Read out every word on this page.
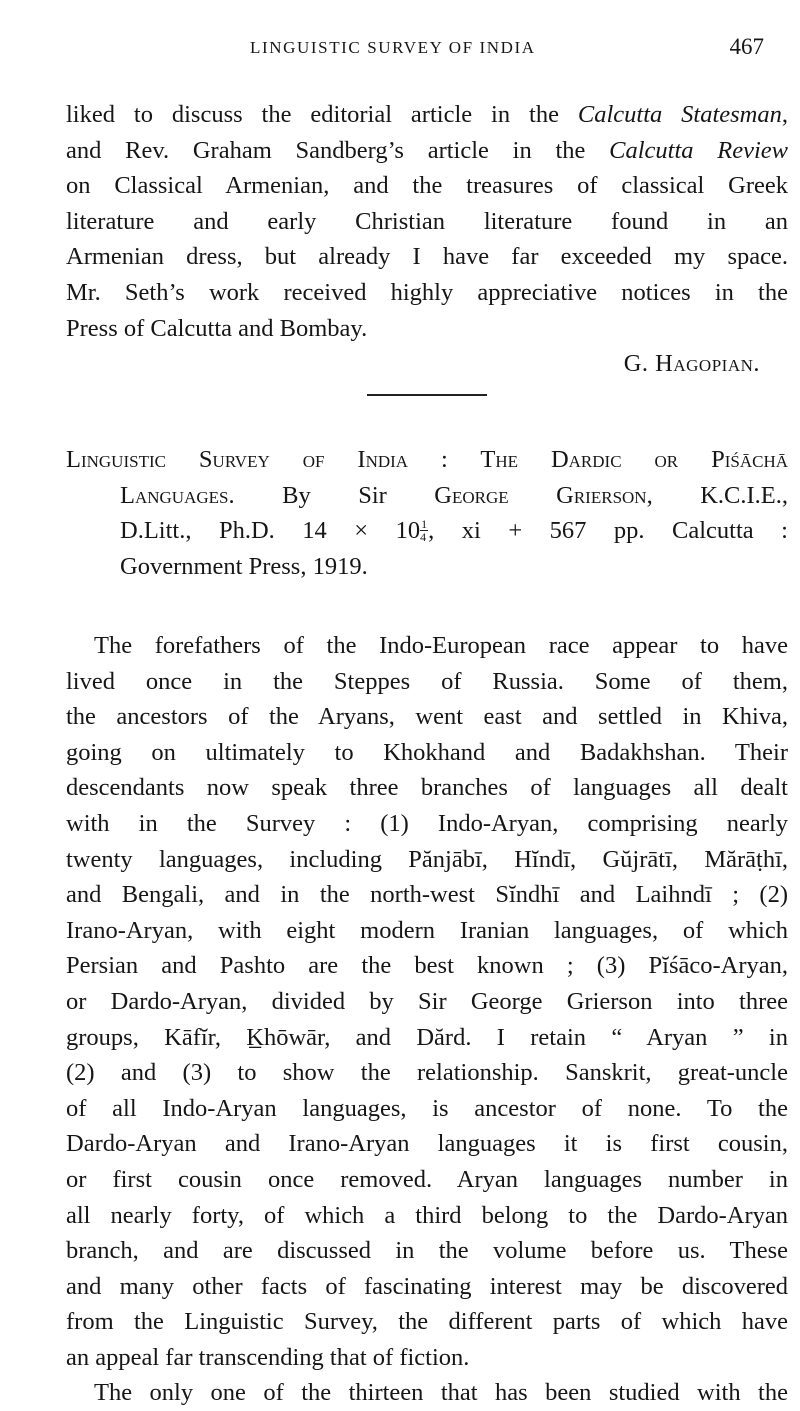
LINGUISTIC SURVEY OF INDIA	467
liked to discuss the editorial article in the Calcutta Statesman,
and Rev. Graham Sandberg’s article in the Calcutta Review
on Classical Armenian, and the treasures of classical Greek
literature and early Christian literature found in an
Armenian dress, but already I have far exceeded my space.
Mr. Seth’s work received highly appreciative notices in the
Press of Calcutta and Bombay.
G. Hagopian.
Linguistic Survey of India : The Dardic or Piśāchā
Languages. By Sir George Grierson, K.C.I.E.,
D.Litt., Ph.D. $14 \times 10 \frac{1}{4}$ , xi + 567 pp. Calcutta :
Government Press, 1919.
The forefathers of the Indo-European race appear to have
lived once in the Steppes of Russia. Some of them,
the ancestors of the Aryans, went east and settled in Khiva,
going on ultimately to Khokhand and Badakhshan. Their
descendants now speak three branches of languages all dealt
with in the Survey : (1) Indo-Aryan, comprising nearly
twenty languages, including Pănjābī, Hĭndī, Gŭjrātī, Mărāṭhī,
and Bengali, and in the north-west Sĭndhī and Laihndī ; (2)
Irano-Aryan, with eight modern Iranian languages, of which
Persian and Pashto are the best known ; (3) Pĭśāco-Aryan,
or Dardo-Aryan, divided by Sir George Grierson into three
groups, Kāfĭr, K̲hōwār, and Dărd. I retain “ Aryan ” in
(2) and (3) to show the relationship. Sanskrit, great-uncle
of all Indo-Aryan languages, is ancestor of none. To the
Dardo-Aryan and Irano-Aryan languages it is first cousin,
or first cousin once removed. Aryan languages number in
all nearly forty, of which a third belong to the Dardo-Aryan
branch, and are discussed in the volume before us. These
and many other facts of fascinating interest may be discovered
from the Linguistic Survey, the different parts of which have
an appeal far transcending that of fiction.
The only one of the thirteen that has been studied with the
